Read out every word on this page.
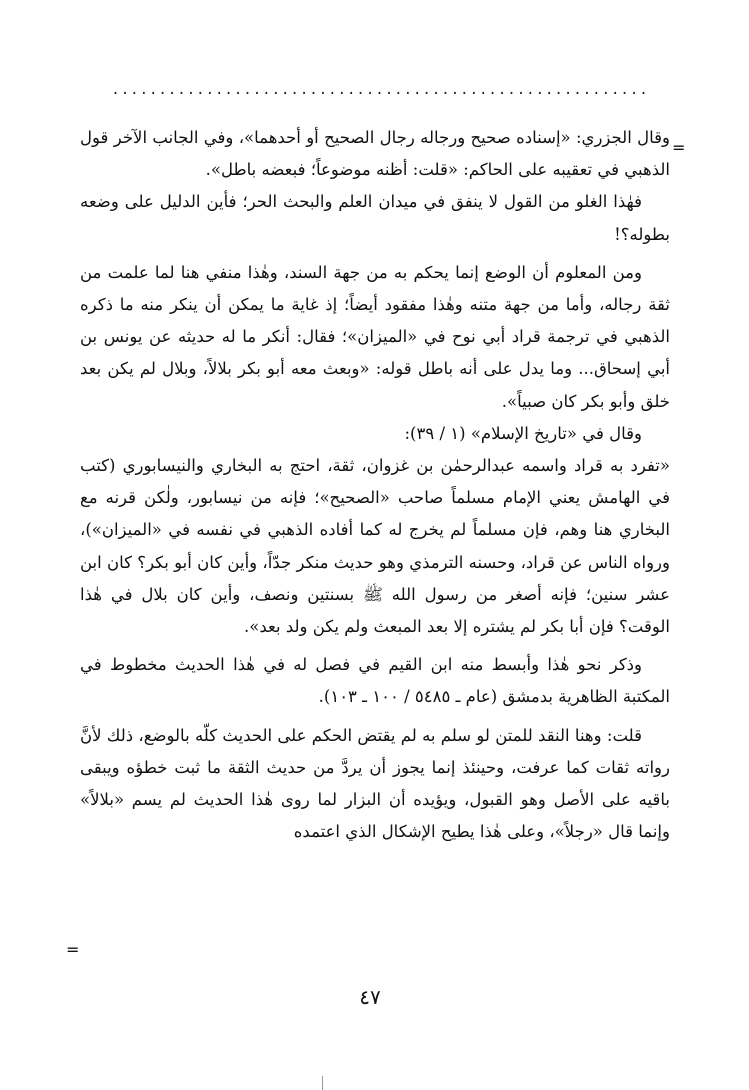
.........................................................
=

وقال الجزري: «إسناده صحيح ورجاله رجال الصحيح أو أحدهما»، وفي الجانب الآخر قول الذهبي في تعقيبه على الحاكم: «قلت: أظنه موضوعاً؛ فبعضه باطل».

فهٰذا الغلو من القول لا ينفق في ميدان العلم والبحث الحر؛ فأين الدليل على وضعه بطوله؟!

ومن المعلوم أن الوضع إنما يحكم به من جهة السند، وهٰذا منفي هنا لما علمت من ثقة رجاله، وأما من جهة متنه وهٰذا مفقود أيضاً؛ إذ غاية ما يمكن أن ينكر منه ما ذكره الذهبي في ترجمة قراد أبي نوح في «الميزان»؛ فقال: أنكر ما له حديثه عن يونس بن أبي إسحاق... وما يدل على أنه باطل قوله: «وبعث معه أبو بكر بلالاً، وبلال لم يكن بعد خلق وأبو بكر كان صبياً».

وقال في «تاريخ الإسلام» (١ / ٣٩):

«تفرد به قراد واسمه عبدالرحمٰن بن غزوان، ثقة، احتج به البخاري والنيسابوري (كتب في الهامش يعني الإمام مسلماً صاحب «الصحيح»؛ فإنه من نيسابور، ولٰكن قرنه مع البخاري هنا وهم، فإن مسلماً لم يخرج له كما أفاده الذهبي في نفسه في «الميزان»)، ورواه الناس عن قراد، وحسنه الترمذي وهو حديث منكر جدّاً، وأين كان أبو بكر؟ كان ابن عشر سنين؛ فإنه أصغر من رسول الله ﷺ بسنتين ونصف، وأين كان بلال في هٰذا الوقت؟ فإن أبا بكر لم يشتره إلا بعد المبعث ولم يكن ولد بعد».

وذكر نحو هٰذا وأبسط منه ابن القيم في فصل له في هٰذا الحديث مخطوط في المكتبة الظاهرية بدمشق (عام ـ ٥٤٨٥ / ١٠٠ ـ ١٠٣).

قلت: وهنا النقد للمتن لو سلم به لم يقتض الحكم على الحديث كلّه بالوضع، ذلك لأنَّ رواته ثقات كما عرفت، وحينئذ إنما يجوز أن يردَّ من حديث الثقة ما ثبت خطؤه ويبقى باقيه على الأصل وهو القبول، ويؤيده أن البزار لما روى هٰذا الحديث لم يسم «بلالاً» وإنما قال «رجلاً»، وعلى هٰذا يطيح الإشكال الذي اعتمده

=
٤٧
